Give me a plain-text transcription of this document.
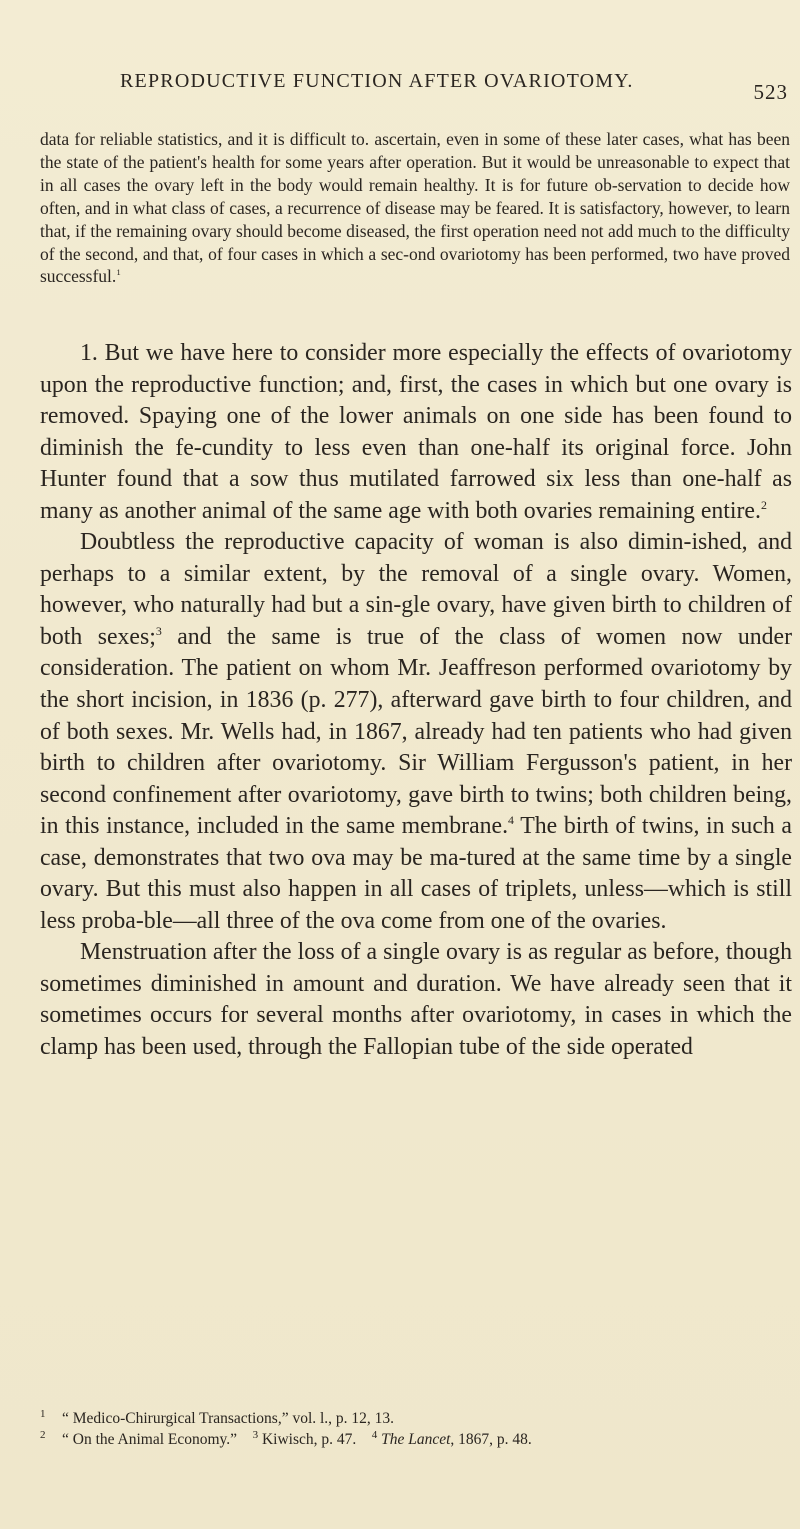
REPRODUCTIVE FUNCTION AFTER OVARIOTOMY.	523

data for reliable statistics, and it is difficult to. ascertain, even in some of these later cases, what has been the state of the patient's health for some years after operation. But it would be unreasonable to expect that in all cases the ovary left in the body would remain healthy. It is for future ob-servation to decide how often, and in what class of cases, a recurrence of disease may be feared. It is satisfactory, however, to learn that, if the remaining ovary should become diseased, the first operation need not add much to the difficulty of the second, and that, of four cases in which a sec-ond ovariotomy has been performed, two have proved successful.$^1$

1. But we have here to consider more especially the effects of ovariotomy upon the reproductive function; and, first, the cases in which but one ovary is removed. Spaying one of the lower animals on one side has been found to diminish the fe-cundity to less even than one-half its original force. John Hunter found that a sow thus mutilated farrowed six less than one-half as many as another animal of the same age with both ovaries remaining entire.$^2$

Doubtless the reproductive capacity of woman is also dimin-ished, and perhaps to a similar extent, by the removal of a single ovary. Women, however, who naturally had but a sin-gle ovary, have given birth to children of both sexes;$^3$ and the same is true of the class of women now under consideration. The patient on whom Mr. Jeaffreson performed ovariotomy by the short incision, in 1836 (p. 277), afterward gave birth to four children, and of both sexes. Mr. Wells had, in 1867, already had ten patients who had given birth to children after ovariotomy. Sir William Fergusson's patient, in her second confinement after ovariotomy, gave birth to twins; both children being, in this instance, included in the same membrane.$^4$ The birth of twins, in such a case, demonstrates that two ova may be ma-tured at the same time by a single ovary. But this must also happen in all cases of triplets, unless—which is still less proba-ble—all three of the ova come from one of the ovaries.

Menstruation after the loss of a single ovary is as regular as before, though sometimes diminished in amount and duration. We have already seen that it sometimes occurs for several months after ovariotomy, in cases in which the clamp has been used, through the Fallopian tube of the side operated

1 “ Medico-Chirurgical Transactions,” vol. l., p. 12, 13.
2 “ On the Animal Economy.” $^3$ Kiwisch, p. 47. $^4$ The Lancet, 1867, p. 48.
